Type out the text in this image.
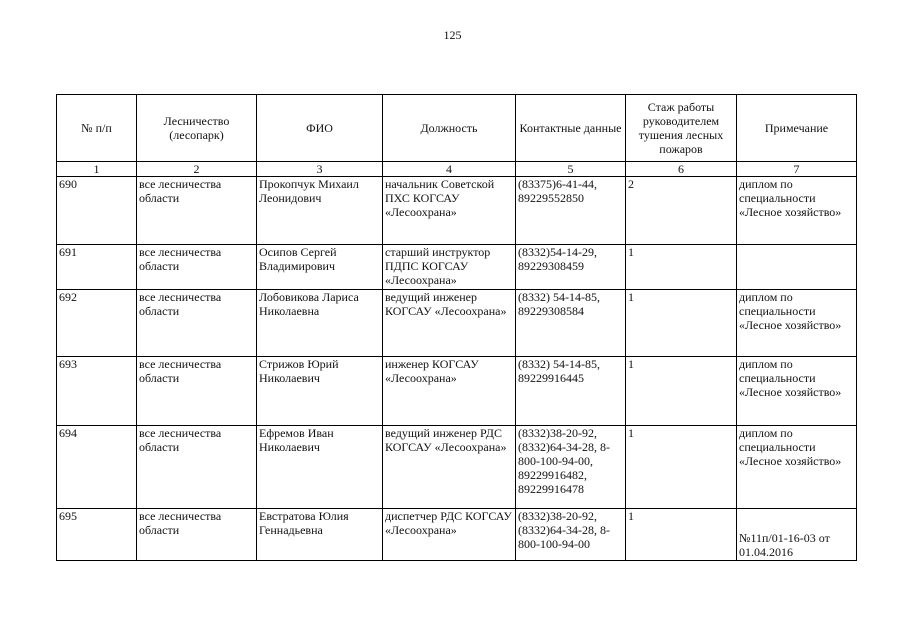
125
№ п/п	Лесничество (лесопарк)	ФИО	Должность	Контактные данные	Стаж работы руководителем тушения лесных пожаров	Примечание
1	2	3	4	5	6	7
690	все лесничества области	Прокопчук Михаил Леонидович	начальник Советской ПХС КОГСАУ «Лесоохрана»	(83375)6-41-44, 89229552850	2	диплом по специальности «Лесное хозяйство»
691	все лесничества области	Осипов Сергей Владимирович	старший инструктор ПДПС КОГСАУ «Лесоохрана»	(8332)54-14-29, 89229308459	1	
692	все лесничества области	Лобовикова Лариса Николаевна	ведущий инженер КОГСАУ «Лесоохрана»	(8332) 54-14-85, 89229308584	1	диплом по специальности «Лесное хозяйство»
693	все лесничества области	Стрижов Юрий Николаевич	инженер КОГСАУ «Лесоохрана»	(8332) 54-14-85, 89229916445	1	диплом по специальности «Лесное хозяйство»
694	все лесничества области	Ефремов Иван Николаевич	ведущий инженер РДС КОГСАУ «Лесоохрана»	(8332)38-20-92, (8332)64-34-28, 8-800-100-94-00, 89229916482, 89229916478	1	диплом по специальности «Лесное хозяйство»
695	все лесничества области	Евстратова Юлия Геннадьевна	диспетчер РДС КОГСАУ «Лесоохрана»	(8332)38-20-92, (8332)64-34-28, 8-800-100-94-00	1	№11п/01-16-03 от 01.04.2016
